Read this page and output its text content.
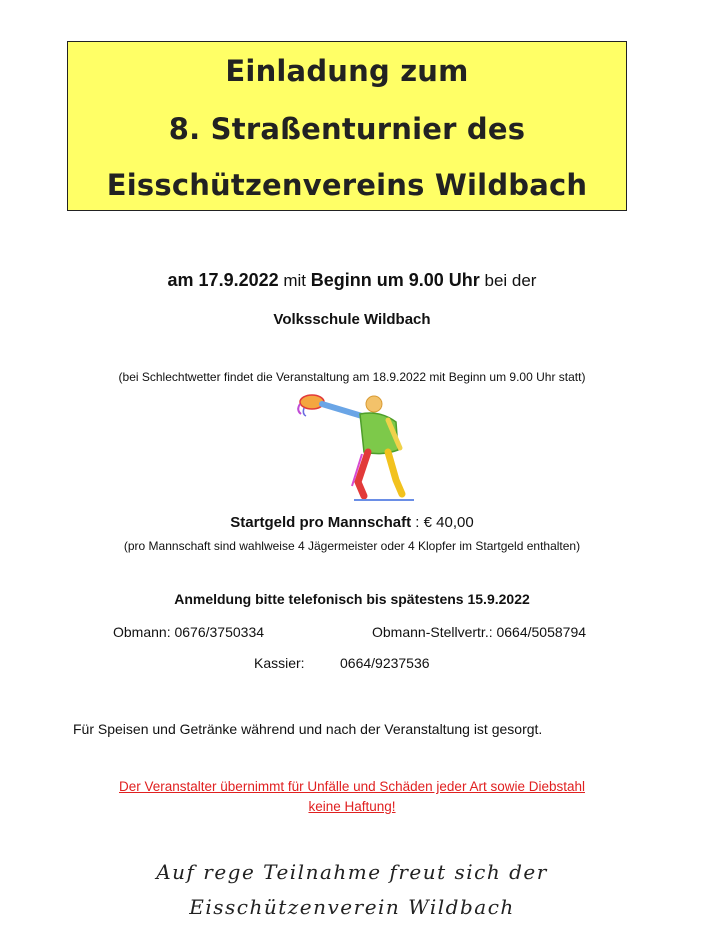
Einladung zum
8. Straßenturnier des
Eisschützenvereins Wildbach
am 17.9.2022 mit Beginn um 9.00 Uhr bei der
Volksschule Wildbach
(bei Schlechtwetter findet die Veranstaltung am 18.9.2022 mit Beginn um 9.00 Uhr statt)
Startgeld pro Mannschaft : € 40,00
(pro Mannschaft sind wahlweise 4 Jägermeister oder 4 Klopfer im Startgeld enthalten)
Anmeldung bitte telefonisch bis spätestens 15.9.2022
Obmann: 0676/3750334	Obmann-Stellvertr.: 0664/5058794
Kassier:	0664/9237536
Für Speisen und Getränke während und nach der Veranstaltung ist gesorgt.
Der Veranstalter übernimmt für Unfälle und Schäden jeder Art sowie Diebstahl
keine Haftung!
Auf rege Teilnahme freut sich der
Eisschützenverein Wildbach
